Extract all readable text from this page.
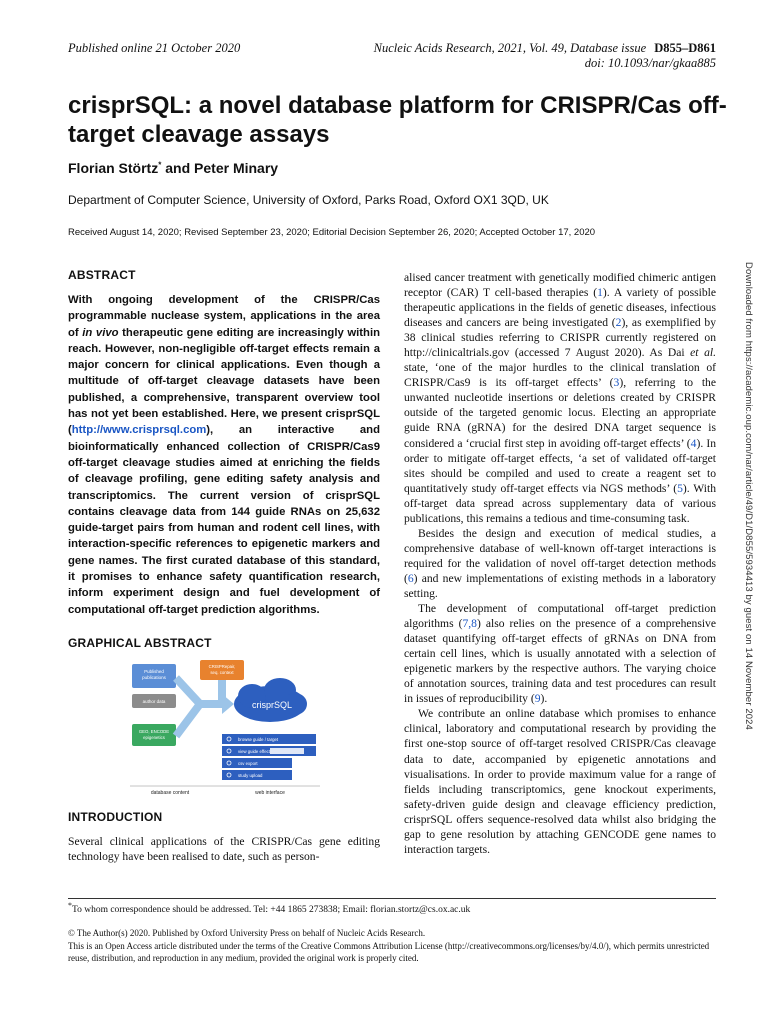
Published online 21 October 2020	Nucleic Acids Research, 2021, Vol. 49, Database issue D855–D861
doi: 10.1093/nar/gkaa885
crisprSQL: a novel database platform for CRISPR/Cas off-target cleavage assays
Florian Störtz* and Peter Minary
Department of Computer Science, University of Oxford, Parks Road, Oxford OX1 3QD, UK
Received August 14, 2020; Revised September 23, 2020; Editorial Decision September 26, 2020; Accepted October 17, 2020
ABSTRACT

With ongoing development of the CRISPR/Cas programmable nuclease system, applications in the area of in vivo therapeutic gene editing are increasingly within reach. However, non-negligible off-target effects remain a major concern for clinical applications. Even though a multitude of off-target cleavage datasets have been published, a comprehensive, transparent overview tool has not yet been established. Here, we present crisprSQL (http://www.crisprsql.com), an interactive and bioinformatically enhanced collection of CRISPR/Cas9 off-target cleavage studies aimed at enriching the fields of cleavage profiling, gene editing safety analysis and transcriptomics. The current version of crisprSQL contains cleavage data from 144 guide RNAs on 25,632 guide-target pairs from human and rodent cell lines, with interaction-specific references to epigenetic markers and gene names. The first curated database of this standard, it promises to enhance safety quantification research, inform experiment design and fuel development of computational off-target prediction algorithms.

GRAPHICAL ABSTRACT
Published
publications
author data
GEO, ENCODE
epigenetics
CRISPRepair,
seq. context
crisprSQL
browse guide / target
view guide effect
csv export
study upload
database content	web interface
INTRODUCTION

Several clinical applications of the CRISPR/Cas gene editing technology have been realised to date, such as person-

alised cancer treatment with genetically modified chimeric antigen receptor (CAR) T cell-based therapies (1). A variety of possible therapeutic applications in the fields of genetic diseases, infectious diseases and cancers are being investigated (2), as exemplified by 38 clinical studies referring to CRISPR currently registered on http://clinicaltrials.gov (accessed 7 August 2020). As Dai et al. state, ‘one of the major hurdles to the clinical translation of CRISPR/Cas9 is its off-target effects’ (3), referring to the unwanted nucleotide insertions or deletions created by CRISPR outside of the targeted genomic locus. Electing an appropriate guide RNA (gRNA) for the desired DNA target sequence is considered a ‘crucial first step in avoiding off-target effects’ (4). In order to mitigate off-target effects, ‘a set of validated off-target sites should be compiled and used to create a reagent set to quantitatively study off-target effects via NGS methods’ (5). With off-target data spread across supplementary data of various publications, this remains a tedious and time-consuming task.

Besides the design and execution of medical studies, a comprehensive database of well-known off-target interactions is required for the validation of novel off-target detection methods (6) and new implementations of existing methods in a laboratory setting.

The development of computational off-target prediction algorithms (7,8) also relies on the presence of a comprehensive dataset quantifying off-target effects of gRNAs on DNA from certain cell lines, which is usually annotated with a selection of epigenetic markers by the respective authors. The varying choice of annotation sources, training data and test procedures can result in issues of reproducibility (9).

We contribute an online database which promises to enhance clinical, laboratory and computational research by providing the first one-stop source of off-target resolved CRISPR/Cas cleavage data to date, accompanied by epigenetic annotations and visualisations. In order to provide maximum value for a range of fields including transcriptomics, gene knockout experiments, safety-driven guide design and cleavage efficiency prediction, crisprSQL offers sequence-resolved data whilst also bridging the gap to gene resolution by attaching GENCODE gene names to interaction targets.

*To whom correspondence should be addressed. Tel: +44 1865 273838; Email: florian.stortz@cs.ox.ac.uk
© The Author(s) 2020. Published by Oxford University Press on behalf of Nucleic Acids Research.
This is an Open Access article distributed under the terms of the Creative Commons Attribution License (http://creativecommons.org/licenses/by/4.0/), which permits unrestricted reuse, distribution, and reproduction in any medium, provided the original work is properly cited.
Downloaded from https://academic.oup.com/nar/article/49/D1/D855/5934413 by guest on 14 November 2024
